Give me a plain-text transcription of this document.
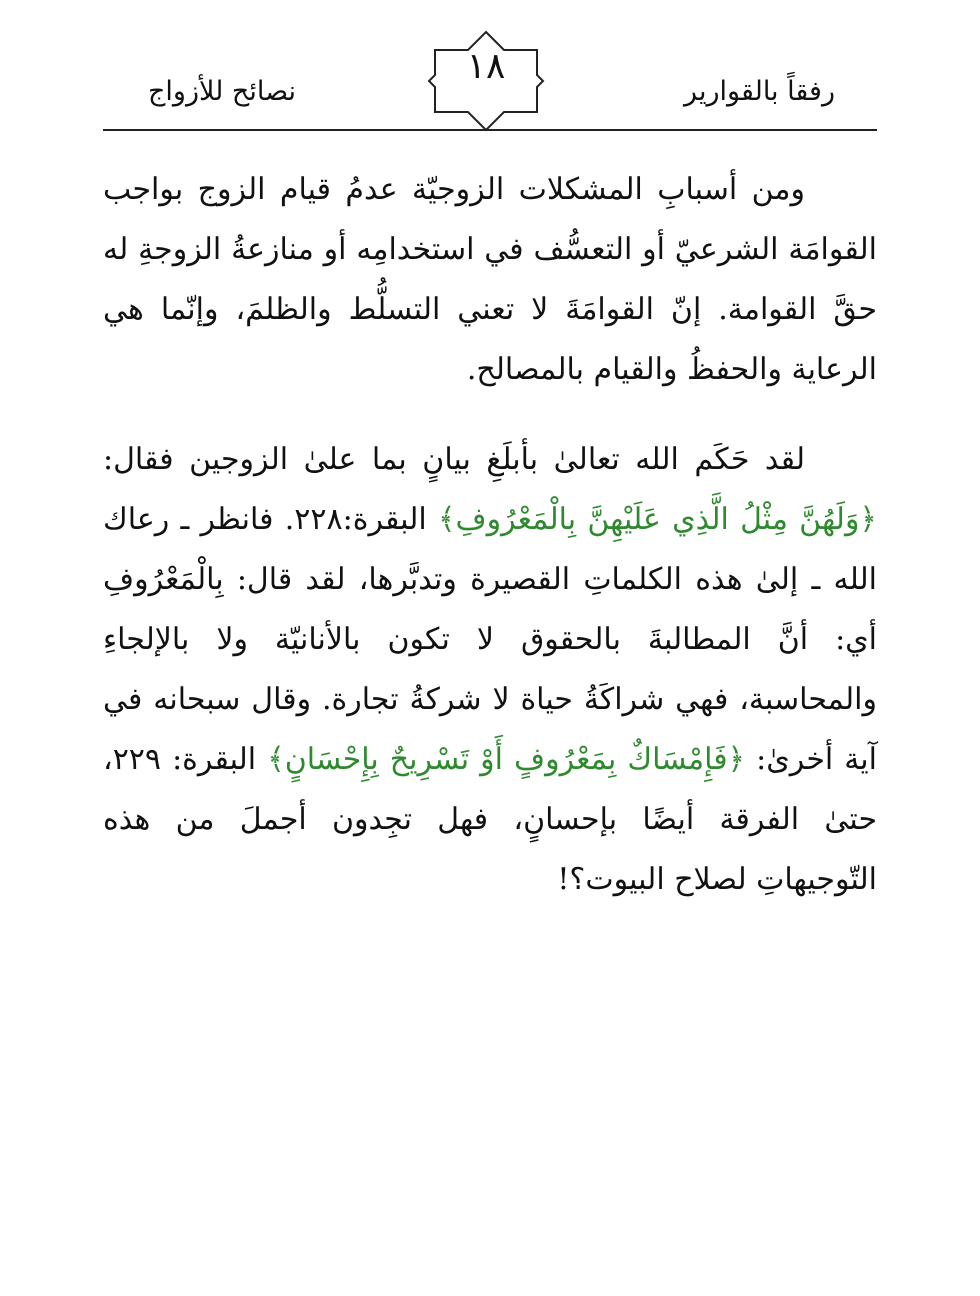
رفقاً بالقوارير
١٨
نصائح للأزواج

ومن أسبابِ المشكلات الزوجيّة عدمُ قيام الزوج بواجب القوامَة الشرعيّ أو التعسُّف في استخدامِه أو منازعةُ الزوجةِ له حقَّ القوامة. إنّ القوامَةَ لا تعني التسلُّط والظلمَ، وإنّما هي الرعاية والحفظُ والقيام بالمصالح.

لقد حَكَم الله تعالىٰ بأبلَغِ بيانٍ بما علىٰ الزوجين فقال: ﴿وَلَهُنَّ مِثْلُ الَّذِي عَلَيْهِنَّ بِالْمَعْرُوفِ﴾ البقرة:٢٢٨. فانظر ـ رعاك الله ـ إلىٰ هذه الكلماتِ القصيرة وتدبَّرها، لقد قال: بِالْمَعْرُوفِ أي: أنَّ المطالبةَ بالحقوق لا تكون بالأنانيّة ولا بالإلجاءِ والمحاسبة، فهي شراكَةُ حياة لا شركةُ تجارة. وقال سبحانه في آية أخرىٰ: ﴿فَإِمْسَاكٌ بِمَعْرُوفٍ أَوْ تَسْرِيحٌ بِإِحْسَانٍ﴾ البقرة: ٢٢٩، حتىٰ الفرقة أيضًا بإحسانٍ، فهل تجِدون أجملَ من هذه التّوجيهاتِ لصلاح البيوت؟!
